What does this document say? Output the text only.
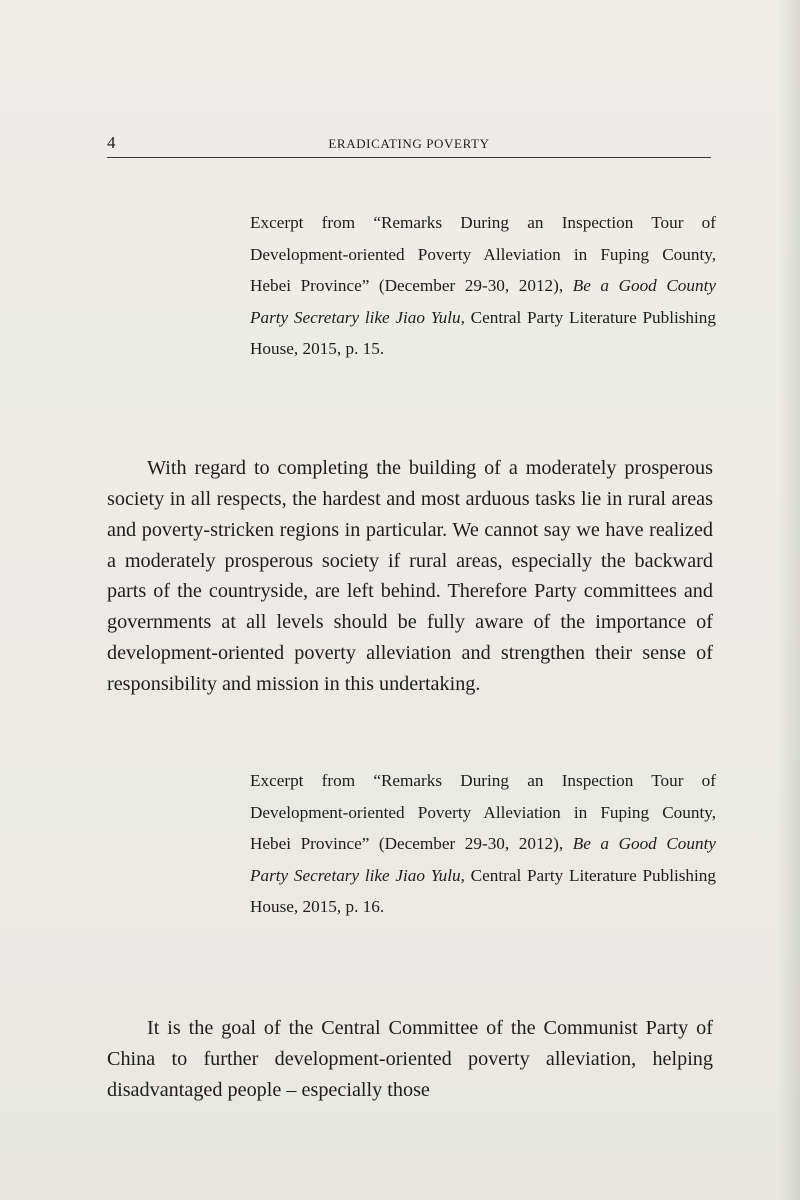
4	ERADICATING POVERTY
Excerpt from “Remarks During an Inspection Tour of Development-oriented Poverty Alleviation in Fuping County, Hebei Province” (December 29-30, 2012), Be a Good County Party Secretary like Jiao Yulu, Central Party Literature Publishing House, 2015, p. 15.

With regard to completing the building of a moderately prosperous society in all respects, the hardest and most arduous tasks lie in rural areas and poverty-stricken regions in particular. We cannot say we have realized a moderately prosperous society if rural areas, especially the backward parts of the countryside, are left behind. Therefore Party committees and governments at all levels should be fully aware of the importance of development-oriented poverty alleviation and strengthen their sense of responsibility and mission in this undertaking.

Excerpt from “Remarks During an Inspection Tour of Development-oriented Poverty Alleviation in Fuping County, Hebei Province” (December 29-30, 2012), Be a Good County Party Secretary like Jiao Yulu, Central Party Literature Publishing House, 2015, p. 16.

It is the goal of the Central Committee of the Communist Party of China to further development-oriented poverty alleviation, helping disadvantaged people – especially those
